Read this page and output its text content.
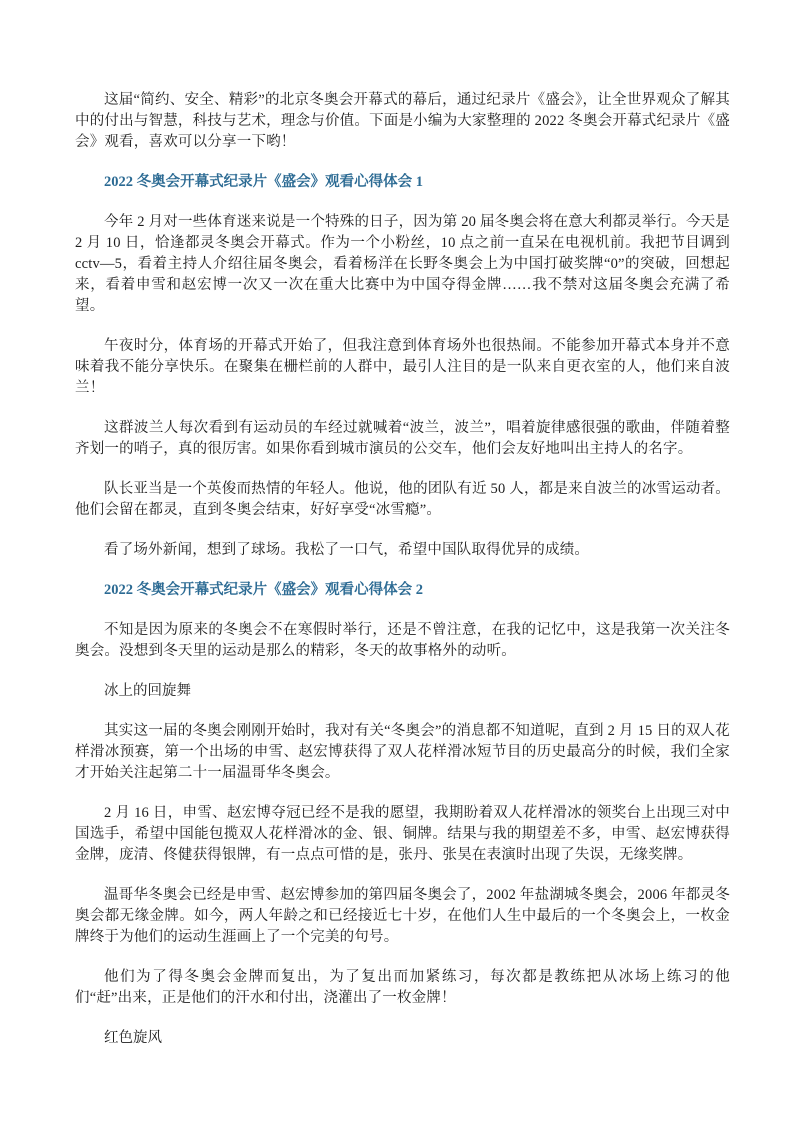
这届“简约、安全、精彩”的北京冬奥会开幕式的幕后，通过纪录片《盛会》，让全世界观众了解其中的付出与智慧，科技与艺术，理念与价值。下面是小编为大家整理的 2022 冬奥会开幕式纪录片《盛会》观看，喜欢可以分享一下哟！

2022 冬奥会开幕式纪录片《盛会》观看心得体会 1

今年 2 月对一些体育迷来说是一个特殊的日子，因为第 20 届冬奥会将在意大利都灵举行。今天是 2 月 10 日，恰逢都灵冬奥会开幕式。作为一个小粉丝，10 点之前一直呆在电视机前。我把节目调到 cctv—5，看着主持人介绍往届冬奥会，看着杨洋在长野冬奥会上为中国打破奖牌“0”的突破，回想起来，看着申雪和赵宏博一次又一次在重大比赛中为中国夺得金牌……我不禁对这届冬奥会充满了希望。

午夜时分，体育场的开幕式开始了，但我注意到体育场外也很热闹。不能参加开幕式本身并不意味着我不能分享快乐。在聚集在栅栏前的人群中，最引人注目的是一队来自更衣室的人，他们来自波兰！

这群波兰人每次看到有运动员的车经过就喊着“波兰，波兰”，唱着旋律感很强的歌曲，伴随着整齐划一的哨子，真的很厉害。如果你看到城市演员的公交车，他们会友好地叫出主持人的名字。

队长亚当是一个英俊而热情的年轻人。他说，他的团队有近 50 人，都是来自波兰的冰雪运动者。他们会留在都灵，直到冬奥会结束，好好享受“冰雪瘾”。

看了场外新闻，想到了球场。我松了一口气，希望中国队取得优异的成绩。

2022 冬奥会开幕式纪录片《盛会》观看心得体会 2

不知是因为原来的冬奥会不在寒假时举行，还是不曾注意，在我的记忆中，这是我第一次关注冬奥会。没想到冬天里的运动是那么的精彩，冬天的故事格外的动听。

冰上的回旋舞

其实这一届的冬奥会刚刚开始时，我对有关“冬奥会”的消息都不知道呢，直到 2 月 15 日的双人花样滑冰预赛，第一个出场的申雪、赵宏博获得了双人花样滑冰短节目的历史最高分的时候，我们全家才开始关注起第二十一届温哥华冬奥会。

2 月 16 日，申雪、赵宏博夺冠已经不是我的愿望，我期盼着双人花样滑冰的领奖台上出现三对中国选手，希望中国能包揽双人花样滑冰的金、银、铜牌。结果与我的期望差不多，申雪、赵宏博获得金牌，庞清、佟健获得银牌，有一点点可惜的是，张丹、张昊在表演时出现了失误，无缘奖牌。

温哥华冬奥会已经是申雪、赵宏博参加的第四届冬奥会了，2002 年盐湖城冬奥会，2006 年都灵冬奥会都无缘金牌。如今，两人年龄之和已经接近七十岁，在他们人生中最后的一个冬奥会上，一枚金牌终于为他们的运动生涯画上了一个完美的句号。

他们为了得冬奥会金牌而复出，为了复出而加紧练习，每次都是教练把从冰场上练习的他们“赶”出来，正是他们的汗水和付出，浇灌出了一枚金牌！

红色旋风
